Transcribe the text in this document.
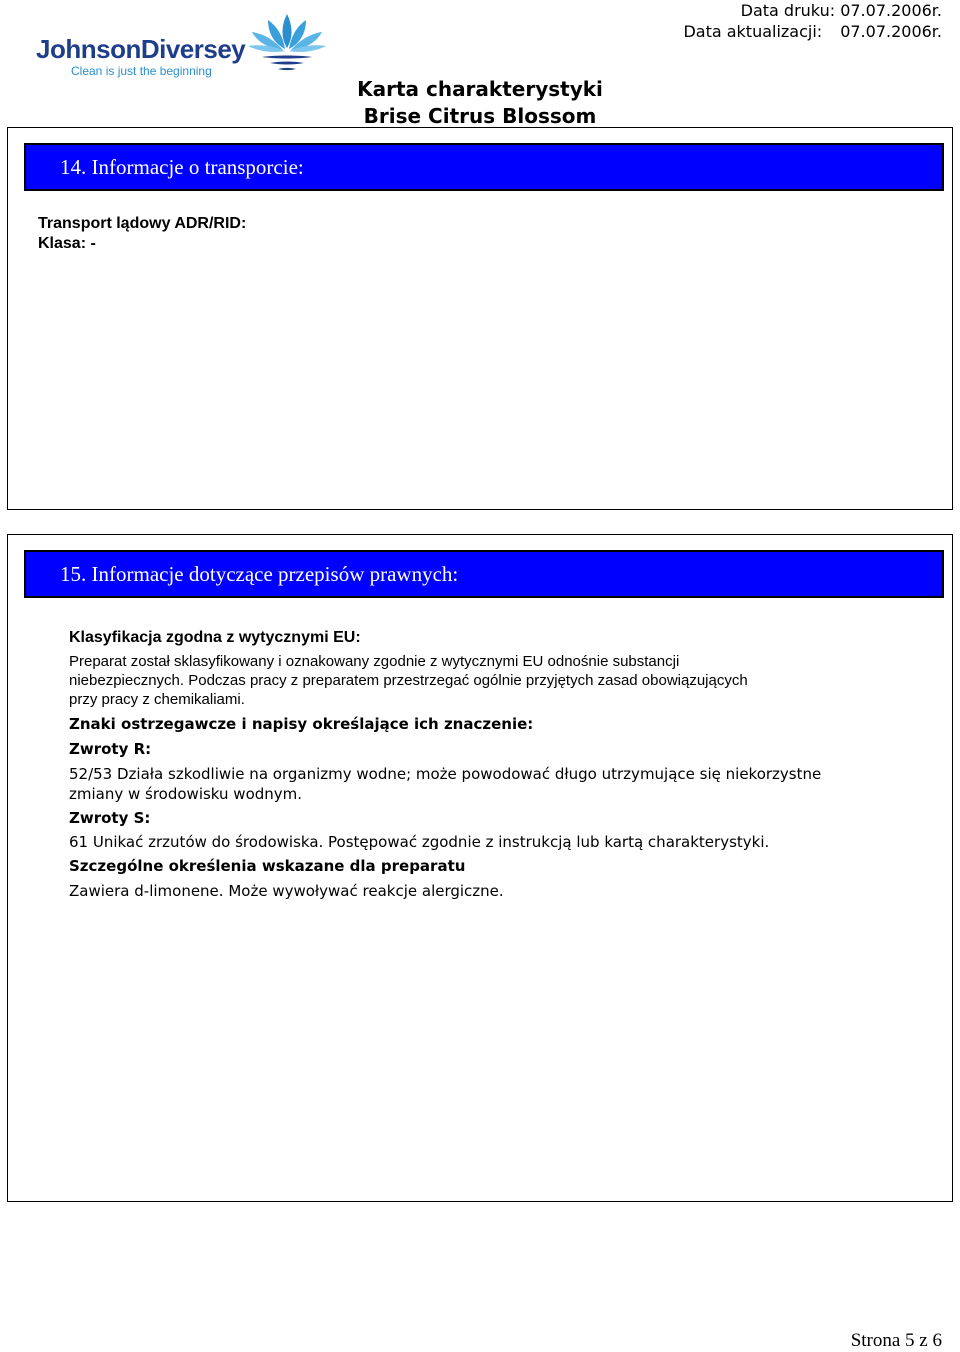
JohnsonDiversey
Clean is just the beginning
Data druku: 07.07.2006r.
Data aktualizacji: 07.07.2006r.
Karta charakterystyki
Brise Citrus Blossom
14. Informacje o transporcie:
Transport lądowy ADR/RID:
Klasa: -
15. Informacje dotyczące przepisów prawnych:
Klasyfikacja zgodna z wytycznymi EU:
Preparat został sklasyfikowany i oznakowany zgodnie z wytycznymi EU odnośnie substancji
niebezpiecznych. Podczas pracy z preparatem przestrzegać ogólnie przyjętych zasad obowiązujących
przy pracy z chemikaliami.
Znaki ostrzegawcze i napisy określające ich znaczenie:
Zwroty R:
52/53 Działa szkodliwie na organizmy wodne; może powodować długo utrzymujące się niekorzystne
zmiany w środowisku wodnym.
Zwroty S:
61 Unikać zrzutów do środowiska. Postępować zgodnie z instrukcją lub kartą charakterystyki.
Szczególne określenia wskazane dla preparatu
Zawiera d-limonene. Może wywoływać reakcje alergiczne.
Strona 5 z 6
